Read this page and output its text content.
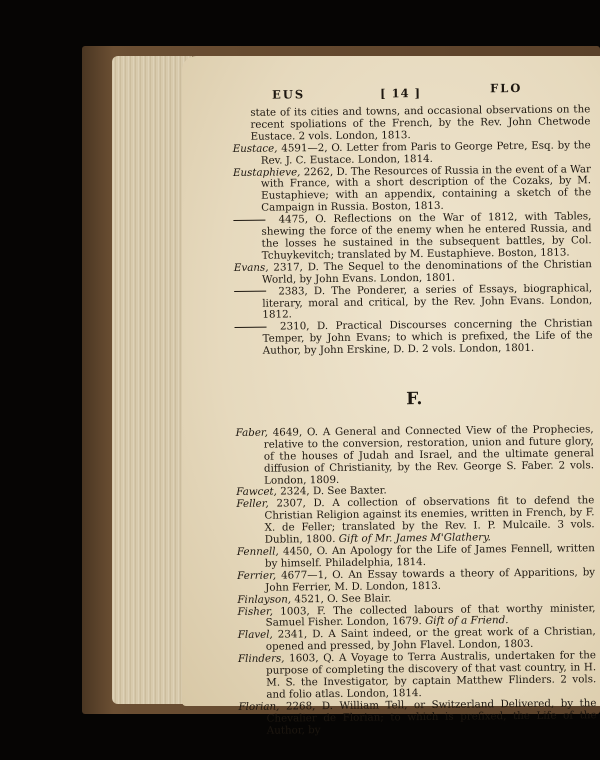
EUS	[ 14 ]	FLO
state of its cities and towns, and occasional observations on the recent spoliations of the French, by the Rev. John Chetwode Eustace. 2 vols. London, 1813.
Eustace, 4591—2, O. Letter from Paris to George Petre, Esq. by the Rev. J. C. Eustace. London, 1814.
Eustaphieve, 2262, D. The Resources of Russia in the event of a War with France, with a short description of the Cozaks, by M. Eustaphieve; with an appendix, containing a sketch of the Campaign in Russia. Boston, 1813.
4475, O. Reflections on the War of 1812, with Tables, shewing the force of the enemy when he entered Russia, and the losses he sustained in the subsequent battles, by Col. Tchuykevitch; translated by M. Eustaphieve. Boston, 1813.
Evans, 2317, D. The Sequel to the denominations of the Christian World, by John Evans. London, 1801.
2383, D. The Ponderer, a series of Essays, biographical, literary, moral and critical, by the Rev. John Evans. London, 1812.
2310, D. Practical Discourses concerning the Christian Temper, by John Evans; to which is prefixed, the Life of the Author, by John Erskine, D. D. 2 vols. London, 1801.
F.
Faber, 4649, O. A General and Connected View of the Prophecies, relative to the conversion, restoration, union and future glory, of the houses of Judah and Israel, and the ultimate general diffusion of Christianity, by the Rev. George S. Faber. 2 vols. London, 1809.
Fawcet, 2324, D. See Baxter.
Feller, 2307, D. A collection of observations fit to defend the Christian Religion against its enemies, written in French, by F. X. de Feller; translated by the Rev. I. P. Mulcaile. 3 vols. Dublin, 1800. Gift of Mr. James M'Glathery.
Fennell, 4450, O. An Apology for the Life of James Fennell, written by himself. Philadelphia, 1814.
Ferrier, 4677—1, O. An Essay towards a theory of Apparitions, by John Ferrier, M. D. London, 1813.
Finlayson, 4521, O. See Blair.
Fisher, 1003, F. The collected labours of that worthy minister, Samuel Fisher. London, 1679. Gift of a Friend.
Flavel, 2341, D. A Saint indeed, or the great work of a Christian, opened and pressed, by John Flavel. London, 1803.
Flinders, 1603, Q. A Voyage to Terra Australis, undertaken for the purpose of completing the discovery of that vast country, in H. M. S. the Investigator, by captain Matthew Flinders. 2 vols. and folio atlas. London, 1814.
Florian, 2268, D. William Tell, or Switzerland Delivered, by the Chevalier de Florian; to which is prefixed, the Life of the Author, by
